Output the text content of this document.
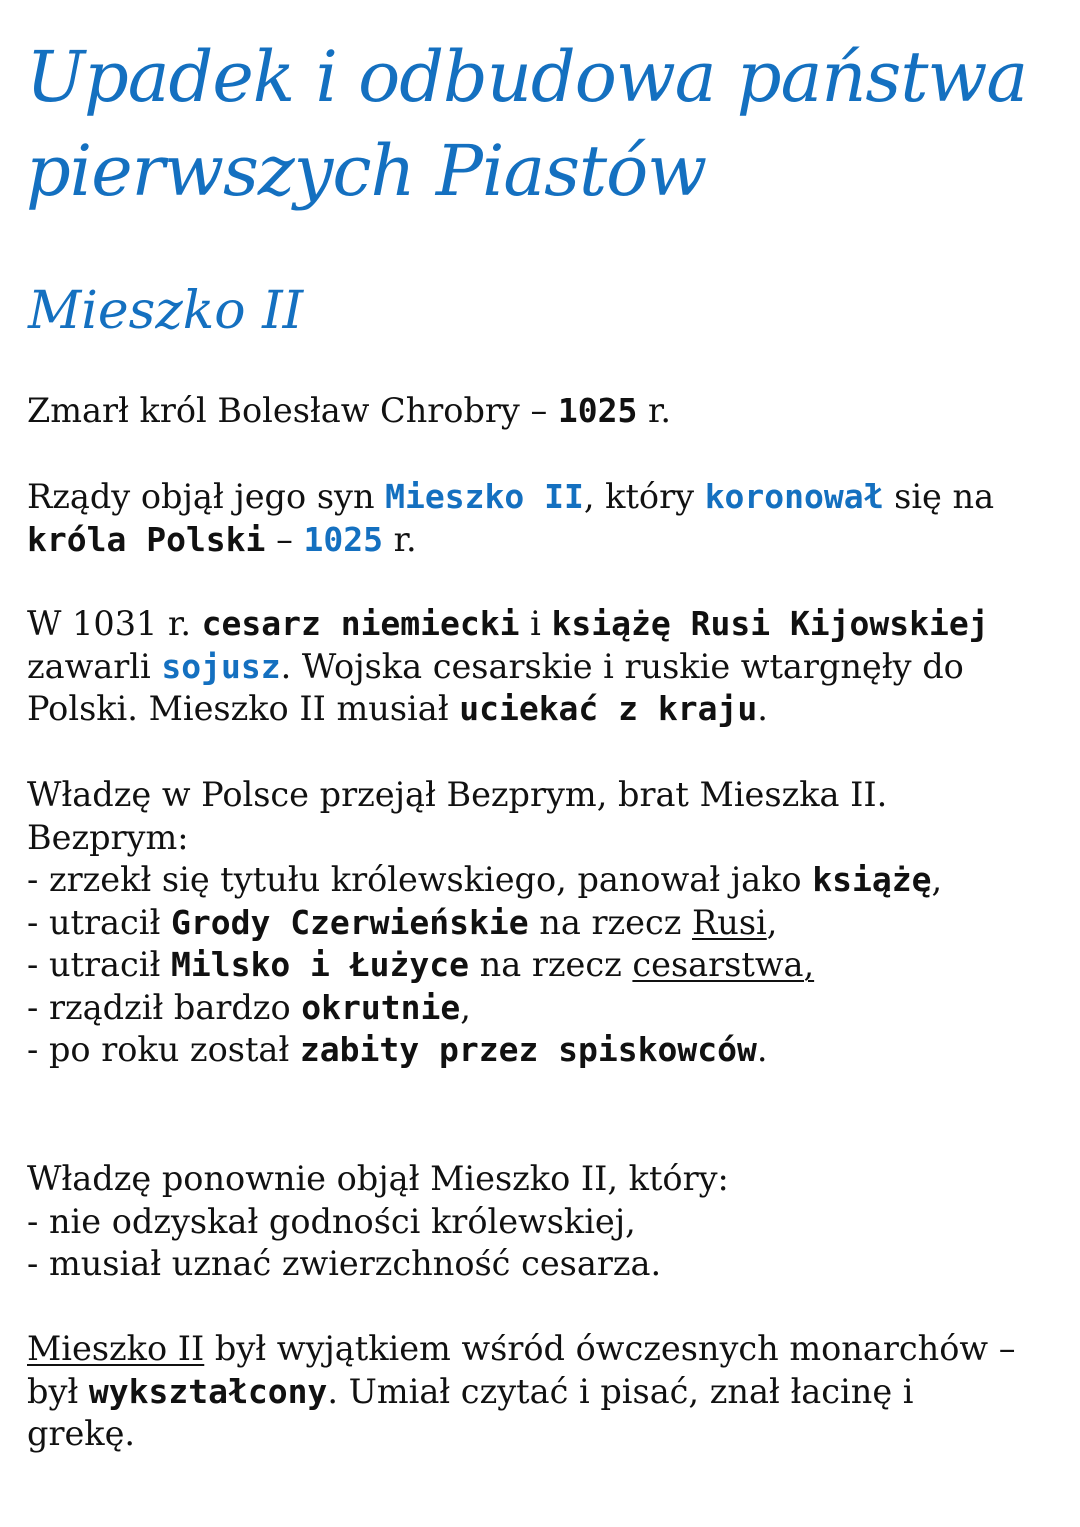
Upadek i odbudowa państwa
pierwszych Piastów
Mieszko II

Zmarł król Bolesław Chrobry – 1025 r.

Rządy objął jego syn Mieszko II, który koronował się na
króla Polski – 1025 r.

W 1031 r. cesarz niemiecki i książę Rusi Kijowskiej
zawarli sojusz. Wojska cesarskie i ruskie wtargnęły do
Polski. Mieszko II musiał uciekać z kraju.

Władzę w Polsce przejął Bezprym, brat Mieszka II.
Bezprym:
- zrzekł się tytułu królewskiego, panował jako książę,
- utracił Grody Czerwieńskie na rzecz Rusi,
- utracił Milsko i Łużyce na rzecz cesarstwa,
- rządził bardzo okrutnie,
- po roku został zabity przez spiskowców.

Władzę ponownie objął Mieszko II, który:
- nie odzyskał godności królewskiej,
- musiał uznać zwierzchność cesarza.

Mieszko II był wyjątkiem wśród ówczesnych monarchów –
był wykształcony. Umiał czytać i pisać, znał łacinę i
grekę.
